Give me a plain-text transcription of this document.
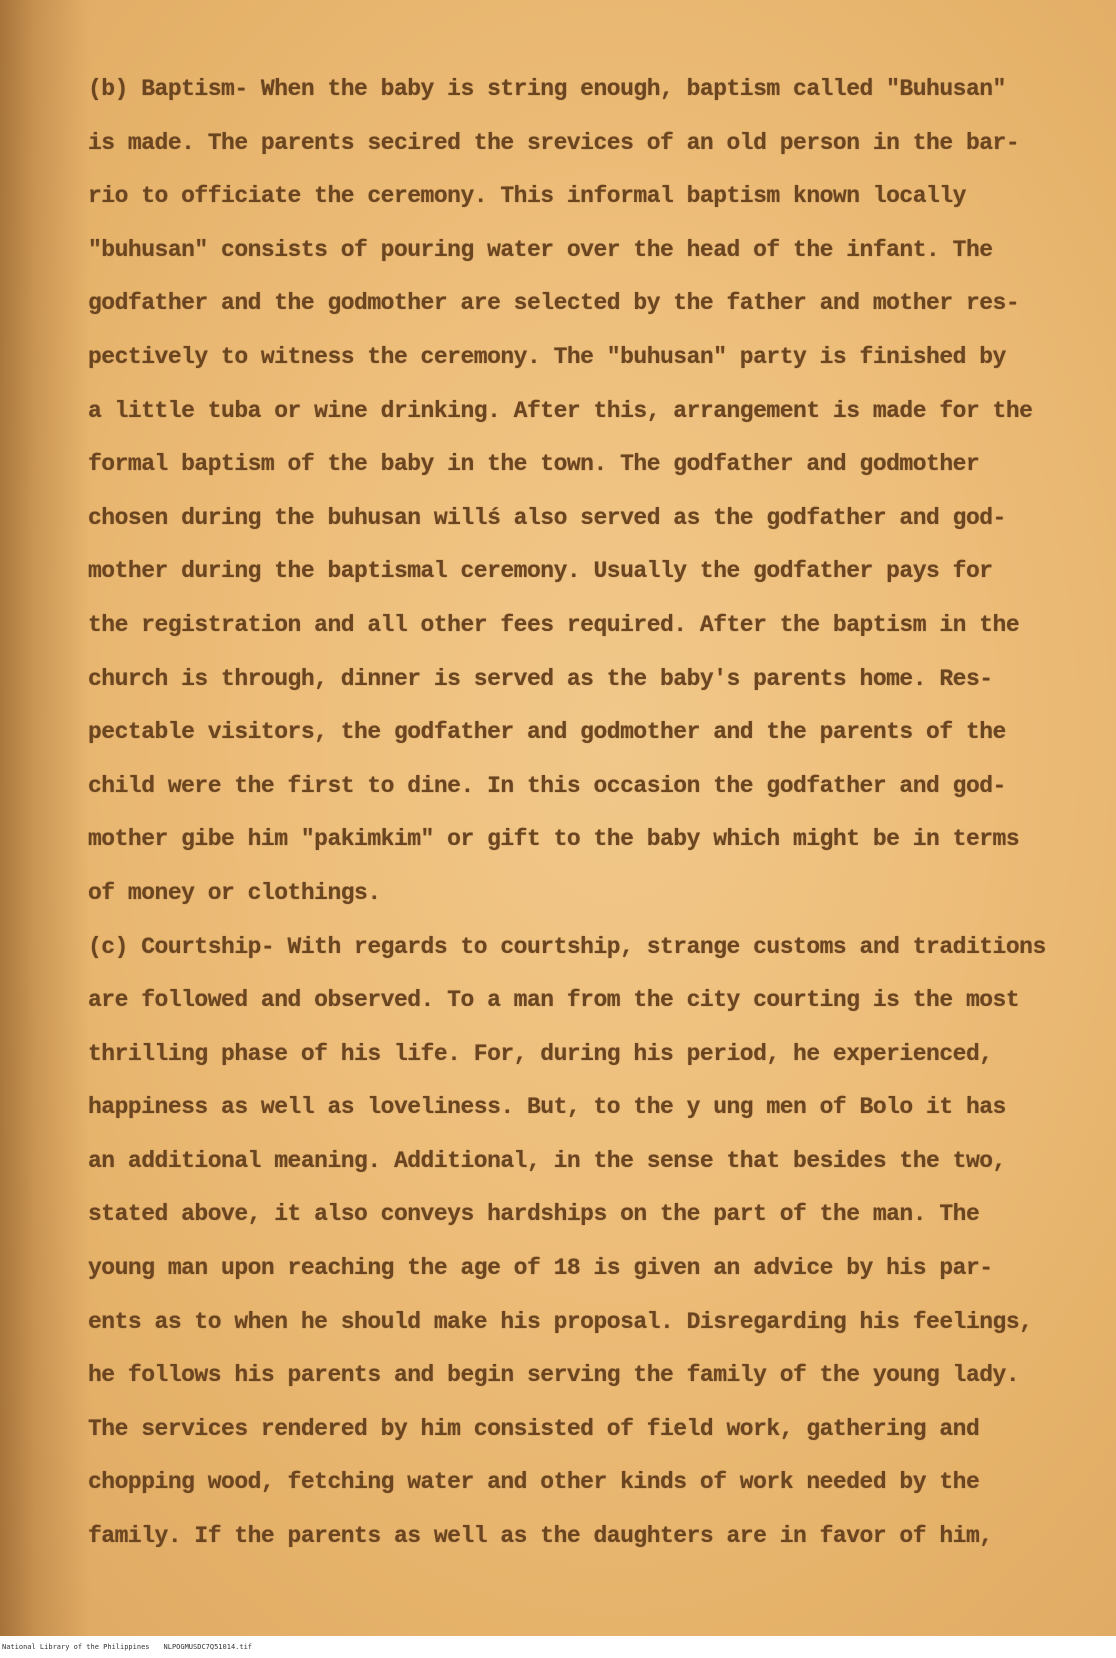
(b) Baptism- When the baby is string enough, baptism called "Buhusan"
is made. The parents secired the srevices of an old person in the bar-
rio to officiate the ceremony. This informal baptism known locally
"buhusan" consists of pouring water over the head of the infant. The
godfather and the godmother are selected by the father and mother res-
pectively to witness the ceremony. The "buhusan" party is finished by
a little tuba or wine drinking. After this, arrangement is made for the
formal baptism of the baby in the town. The godfather and godmother
chosen during the buhusan willś also served as the godfather and god-
mother during the baptismal ceremony. Usually the godfather pays for
the registration and all other fees required. After the baptism in the
church is through, dinner is served as the baby's parents home. Res-
pectable visitors, the godfather and godmother and the parents of the
child were the first to dine. In this occasion the godfather and god-
mother gibe him "pakimkim" or gift to the baby which might be in terms
of money or clothings.
(c) Courtship- With regards to courtship, strange customs and traditions
are followed and observed. To a man from the city courting is the most
thrilling phase of his life. For, during his period, he experienced,
happiness as well as loveliness. But, to the y ung men of Bolo it has
an additional meaning. Additional, in the sense that besides the two,
stated above, it also conveys hardships on the part of the man. The
young man upon reaching the age of 18 is given an advice by his par-
ents as to when he should make his proposal. Disregarding his feelings,
he follows his parents and begin serving the family of the young lady.
The services rendered by him consisted of field work, gathering and
chopping wood, fetching water and other kinds of work needed by the
family. If the parents as well as the daughters are in favor of him,
National Library of the Philippines NLPOGMUSDC7Q51014.tif
